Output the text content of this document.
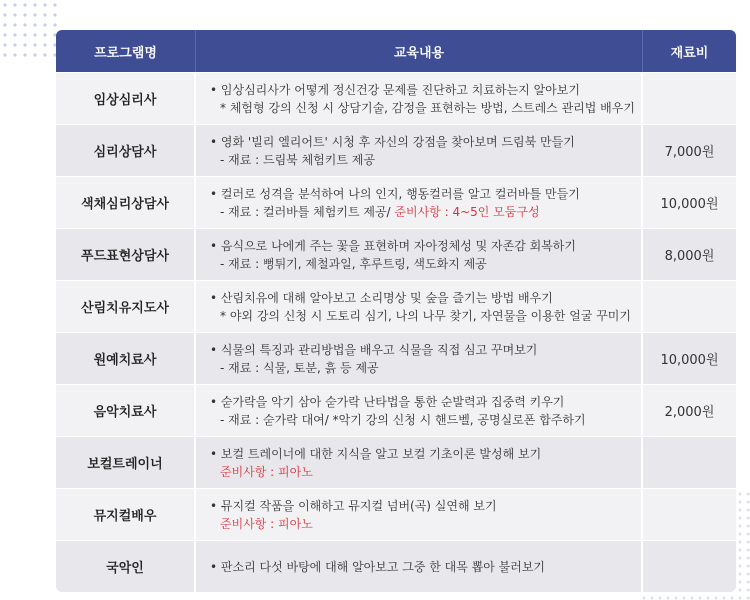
프로그램명	교육내용	재료비
임상심리사	• 임상심리사가 어떻게 정신건강 문제를 진단하고 치료하는지 알아보기
* 체험형 강의 신청 시 상담기술, 감정을 표현하는 방법, 스트레스 관리법 배우기	

심리상담사	• 영화 '빌리 엘리어트' 시청 후 자신의 강점을 찾아보며 드림북 만들기
- 재료 : 드림북 체험키트 제공	7,000원
색채심리상담사	• 컬러로 성격을 분석하여 나의 인지, 행동컬러를 알고 컬러바틀 만들기
- 재료 : 컬러바틀 체험키트 제공/ 준비사항 : 4~5인 모둠구성	10,000원
푸드표현상담사	• 음식으로 나에게 주는 꽃을 표현하며 자아정체성 및 자존감 회복하기
- 재료 : 뻥튀기, 제철과일, 후루트링, 색도화지 제공	8,000원
산림치유지도사	• 산림치유에 대해 알아보고 소리명상 및 숲을 즐기는 방법 배우기
* 야외 강의 신청 시 도토리 심기, 나의 나무 찾기, 자연물을 이용한 얼굴 꾸미기	

원예치료사	• 식물의 특징과 관리방법을 배우고 식물을 직접 심고 꾸며보기
- 재료 : 식물, 토분, 흙 등 제공	10,000원
음악치료사	• 숟가락을 악기 삼아 숟가락 난타법을 통한 순발력과 집중력 키우기
- 재료 : 숟가락 대여/ *악기 강의 신청 시 핸드벨, 공명실로폰 합주하기	2,000원
보컬트레이너	• 보컬 트레이너에 대한 지식을 알고 보컬 기초이론 발성해 보기
준비사항 : 피아노	

뮤지컬배우	• 뮤지컬 작품을 이해하고 뮤지컬 넘버(곡) 실연해 보기
준비사항 : 피아노	

국악인	• 판소리 다섯 바탕에 대해 알아보고 그중 한 대목 뽑아 불러보기	
